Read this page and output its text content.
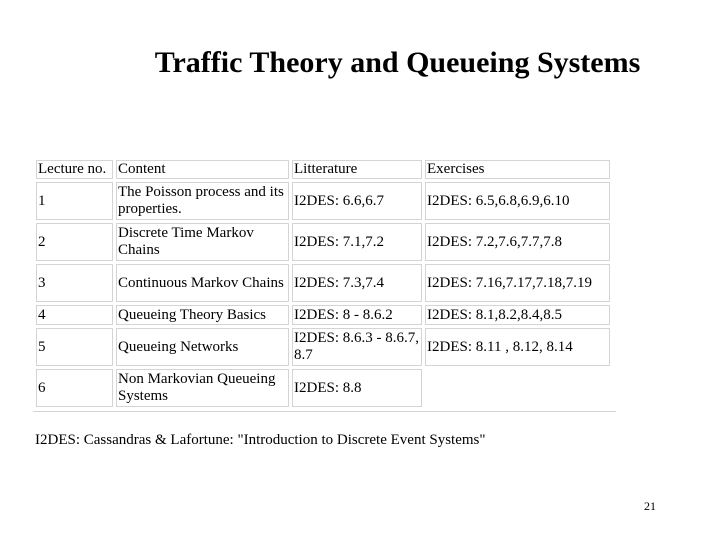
Traffic Theory and Queueing Systems
Lecture no.	Content	Litterature	Exercises
1	The Poisson process and its properties.	I2DES: 6.6,6.7	I2DES: 6.5,6.8,6.9,6.10
2	Discrete Time Markov Chains	I2DES: 7.1,7.2	I2DES: 7.2,7.6,7.7,7.8
3	Continuous Markov Chains	I2DES: 7.3,7.4	I2DES: 7.16,7.17,7.18,7.19
4	Queueing Theory Basics	I2DES: 8 - 8.6.2	I2DES: 8.1,8.2,8.4,8.5
5	Queueing Networks	I2DES: 8.6.3 - 8.6.7, 8.7	I2DES: 8.11 , 8.12, 8.14
6	Non Markovian Queueing Systems	I2DES: 8.8	
I2DES: Cassandras & Lafortune: "Introduction to Discrete Event Systems"
21
